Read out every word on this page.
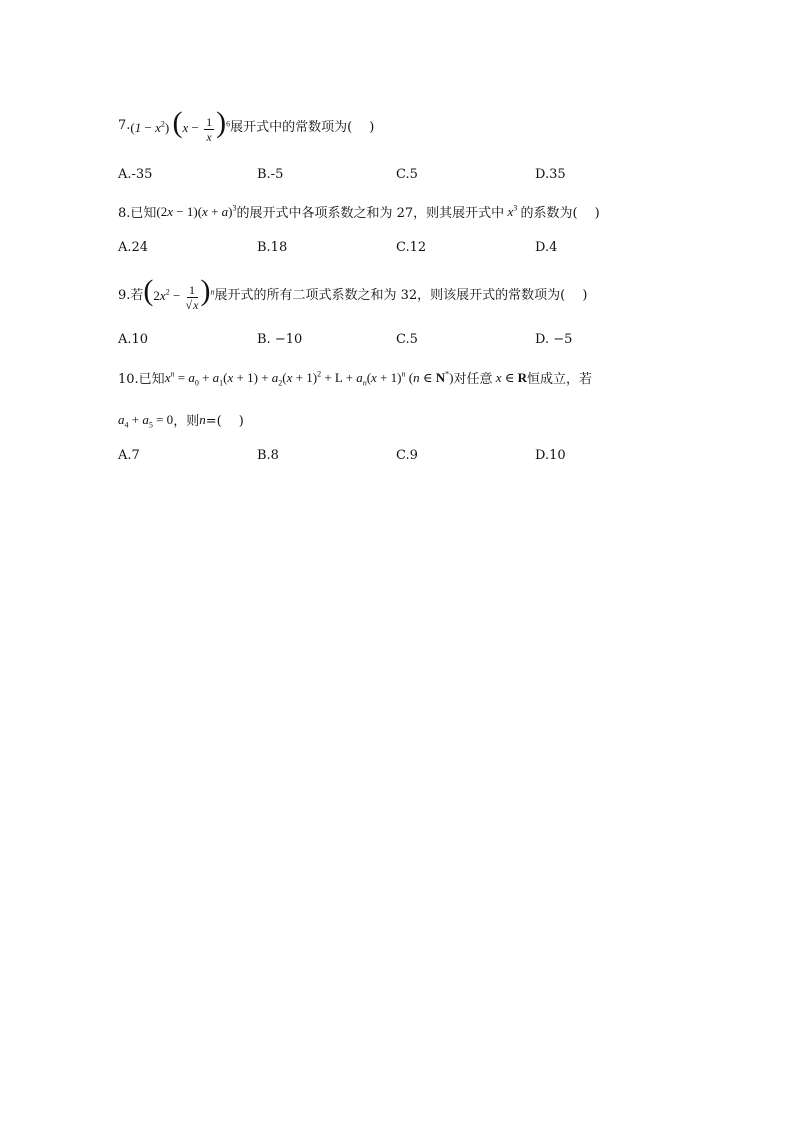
7. $(1 - x^2)$ $(x - \frac{1}{x} )^6$ 展开式中的常数项为(　 )
A.-35	B.-5	C.5	D.35
8.已知 $(2x - 1)(x + a)^3$ 的展开式中各项系数之和为 27，则其展开式中 $x^3$ 的系数为(　 )
A.24	B.18	C.12	D.4
9.若 $(2x^2 - \frac{1}{√x} )^n$ 展开式的所有二项式系数之和为 32，则该展开式的常数项为(　 )
A.10	B. −10	C.5	D. −5
10.已知 $x^n = a_0 + a_1(x + 1) + a_2(x + 1)^2 + L + a_n(x + 1)^n$ (n ∈ N*) 对任意 x ∈ R 恒成立，若
$a_4 + a_5 = 0$ ，则 n =(　 )
A.7	B.8	C.9	D.10
